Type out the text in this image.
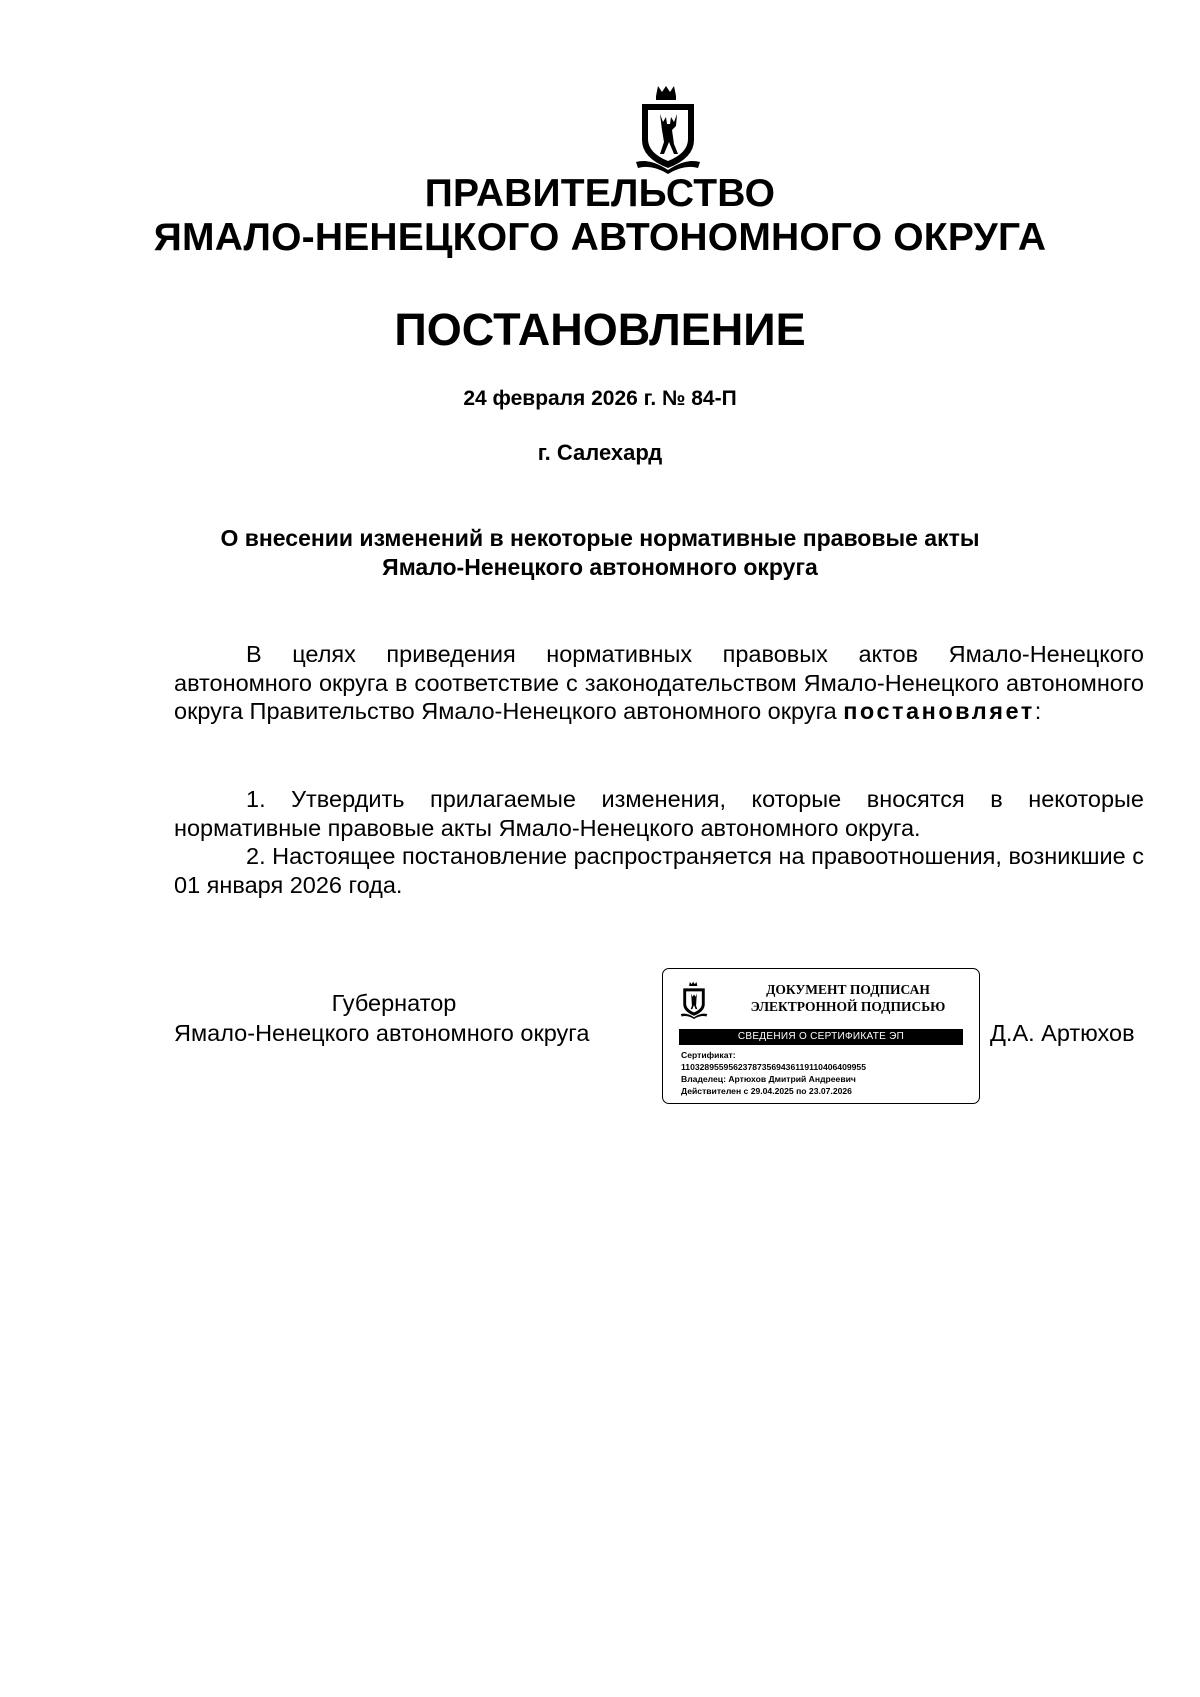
ПРАВИТЕЛЬСТВО
ЯМАЛО-НЕНЕЦКОГО АВТОНОМНОГО ОКРУГА
ПОСТАНОВЛЕНИЕ
24 февраля 2026 г. № 84-П
г. Салехард
О внесении изменений в некоторые нормативные правовые акты
Ямало-Ненецкого автономного округа
В целях приведения нормативных правовых актов Ямало-Ненецкого автономного округа в соответствие с законодательством Ямало-Ненецкого автономного округа Правительство Ямало-Ненецкого автономного округа постановляет:

1. Утвердить прилагаемые изменения, которые вносятся в некоторые нормативные правовые акты Ямало-Ненецкого автономного округа.

2. Настоящее постановление распространяется на правоотношения, возникшие с 01 января 2026 года.

Губернатор
Ямало-Ненецкого автономного округа
ДОКУМЕНТ ПОДПИСАН
ЭЛЕКТРОННОЙ ПОДПИСЬЮ
СВЕДЕНИЯ О СЕРТИФИКАТЕ ЭП
Сертификат:
110328955956237873569436119110406409955
Владелец: Артюхов Дмитрий Андреевич
Действителен с 29.04.2025 по 23.07.2026
Д.А. Артюхов
